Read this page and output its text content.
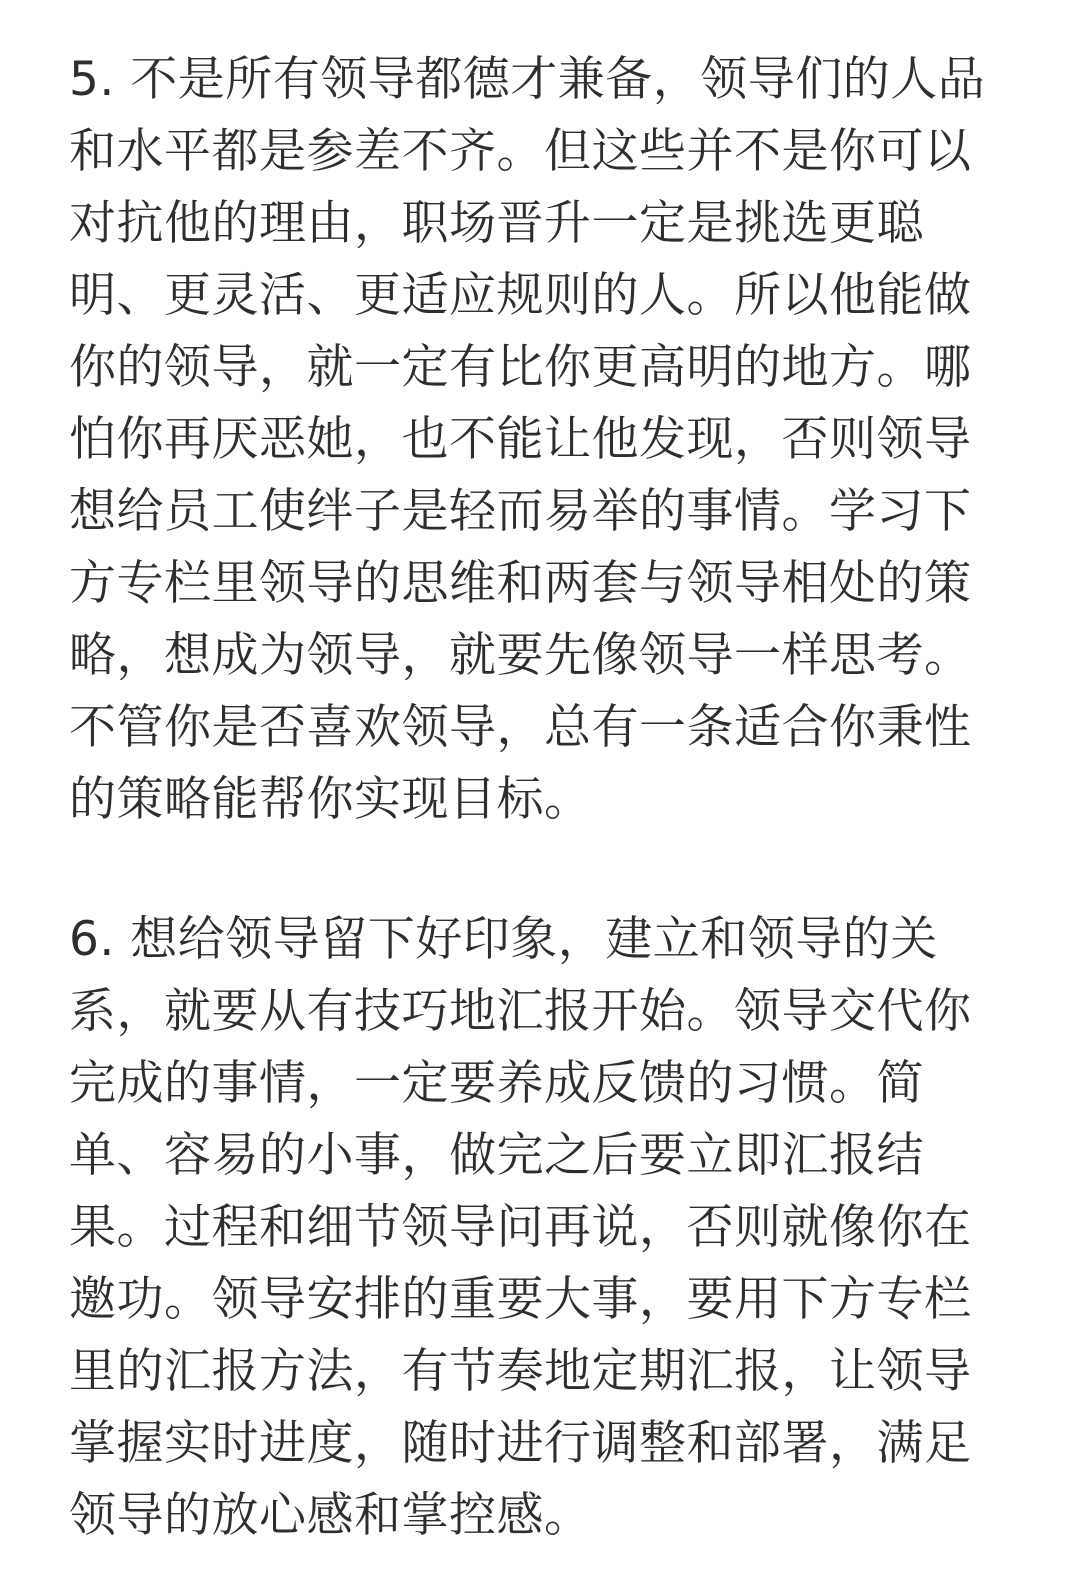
5. 不是所有领导都德才兼备，领导们的人品
和水平都是参差不齐。但这些并不是你可以
对抗他的理由，职场晋升一定是挑选更聪
明、更灵活、更适应规则的人。所以他能做
你的领导，就一定有比你更高明的地方。哪
怕你再厌恶她，也不能让他发现，否则领导
想给员工使绊子是轻而易举的事情。学习下
方专栏里领导的思维和两套与领导相处的策
略，想成为领导，就要先像领导一样思考。
不管你是否喜欢领导，总有一条适合你秉性
的策略能帮你实现目标。
6. 想给领导留下好印象，建立和领导的关
系，就要从有技巧地汇报开始。领导交代你
完成的事情，一定要养成反馈的习惯。简
单、容易的小事，做完之后要立即汇报结
果。过程和细节领导问再说，否则就像你在
邀功。领导安排的重要大事，要用下方专栏
里的汇报方法，有节奏地定期汇报，让领导
掌握实时进度，随时进行调整和部署，满足
领导的放心感和掌控感。
